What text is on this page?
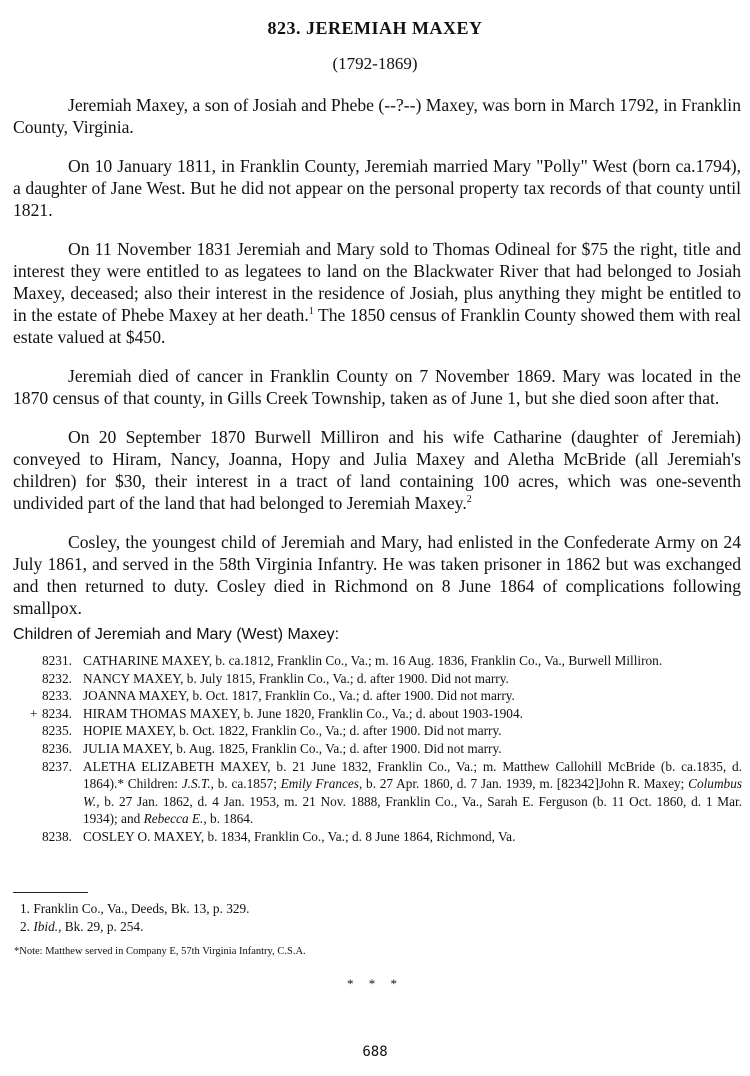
823. JEREMIAH MAXEY
(1792-1869)

Jeremiah Maxey, a son of Josiah and Phebe (--?--) Maxey, was born in March 1792, in Franklin County, Virginia.

On 10 January 1811, in Franklin County, Jeremiah married Mary "Polly" West (born ca.1794), a daughter of Jane West. But he did not appear on the personal property tax records of that county until 1821.

On 11 November 1831 Jeremiah and Mary sold to Thomas Odineal for $75 the right, title and interest they were entitled to as legatees to land on the Blackwater River that had belonged to Josiah Maxey, deceased; also their interest in the residence of Josiah, plus anything they might be entitled to in the estate of Phebe Maxey at her death.$^1$ The 1850 census of Franklin County showed them with real estate valued at $450.

Jeremiah died of cancer in Franklin County on 7 November 1869. Mary was located in the 1870 census of that county, in Gills Creek Township, taken as of June 1, but she died soon after that.

On 20 September 1870 Burwell Milliron and his wife Catharine (daughter of Jeremiah) conveyed to Hiram, Nancy, Joanna, Hopy and Julia Maxey and Aletha McBride (all Jeremiah's children) for $30, their interest in a tract of land containing 100 acres, which was one-seventh undivided part of the land that had belonged to Jeremiah Maxey.$^2$

Cosley, the youngest child of Jeremiah and Mary, had enlisted in the Confederate Army on 24 July 1861, and served in the 58th Virginia Infantry. He was taken prisoner in 1862 but was exchanged and then returned to duty. Cosley died in Richmond on 8 June 1864 of complications following smallpox.

Children of Jeremiah and Mary (West) Maxey:
8231. CATHARINE MAXEY, b. ca.1812, Franklin Co., Va.; m. 16 Aug. 1836, Franklin Co., Va., Burwell Milliron.
8232. NANCY MAXEY, b. July 1815, Franklin Co., Va.; d. after 1900. Did not marry.
8233. JOANNA MAXEY, b. Oct. 1817, Franklin Co., Va.; d. after 1900. Did not marry.
+ 8234. HIRAM THOMAS MAXEY, b. June 1820, Franklin Co., Va.; d. about 1903-1904.
8235. HOPIE MAXEY, b. Oct. 1822, Franklin Co., Va.; d. after 1900. Did not marry.
8236. JULIA MAXEY, b. Aug. 1825, Franklin Co., Va.; d. after 1900. Did not marry.
8237. ALETHA ELIZABETH MAXEY, b. 21 June 1832, Franklin Co., Va.; m. Matthew Callohill McBride (b. ca.1835, d. 1864).* Children: J.S.T., b. ca.1857; Emily Frances, b. 27 Apr. 1860, d. 7 Jan. 1939, m. [82342]John R. Maxey; Columbus W., b. 27 Jan. 1862, d. 4 Jan. 1953, m. 21 Nov. 1888, Franklin Co., Va., Sarah E. Ferguson (b. 11 Oct. 1860, d. 1 Mar. 1934); and Rebecca E., b. 1864.
8238. COSLEY O. MAXEY, b. 1834, Franklin Co., Va.; d. 8 June 1864, Richmond, Va.
1. Franklin Co., Va., Deeds, Bk. 13, p. 329.
2. Ibid., Bk. 29, p. 254.
*Note: Matthew served in Company E, 57th Virginia Infantry, C.S.A.
* * *
688
